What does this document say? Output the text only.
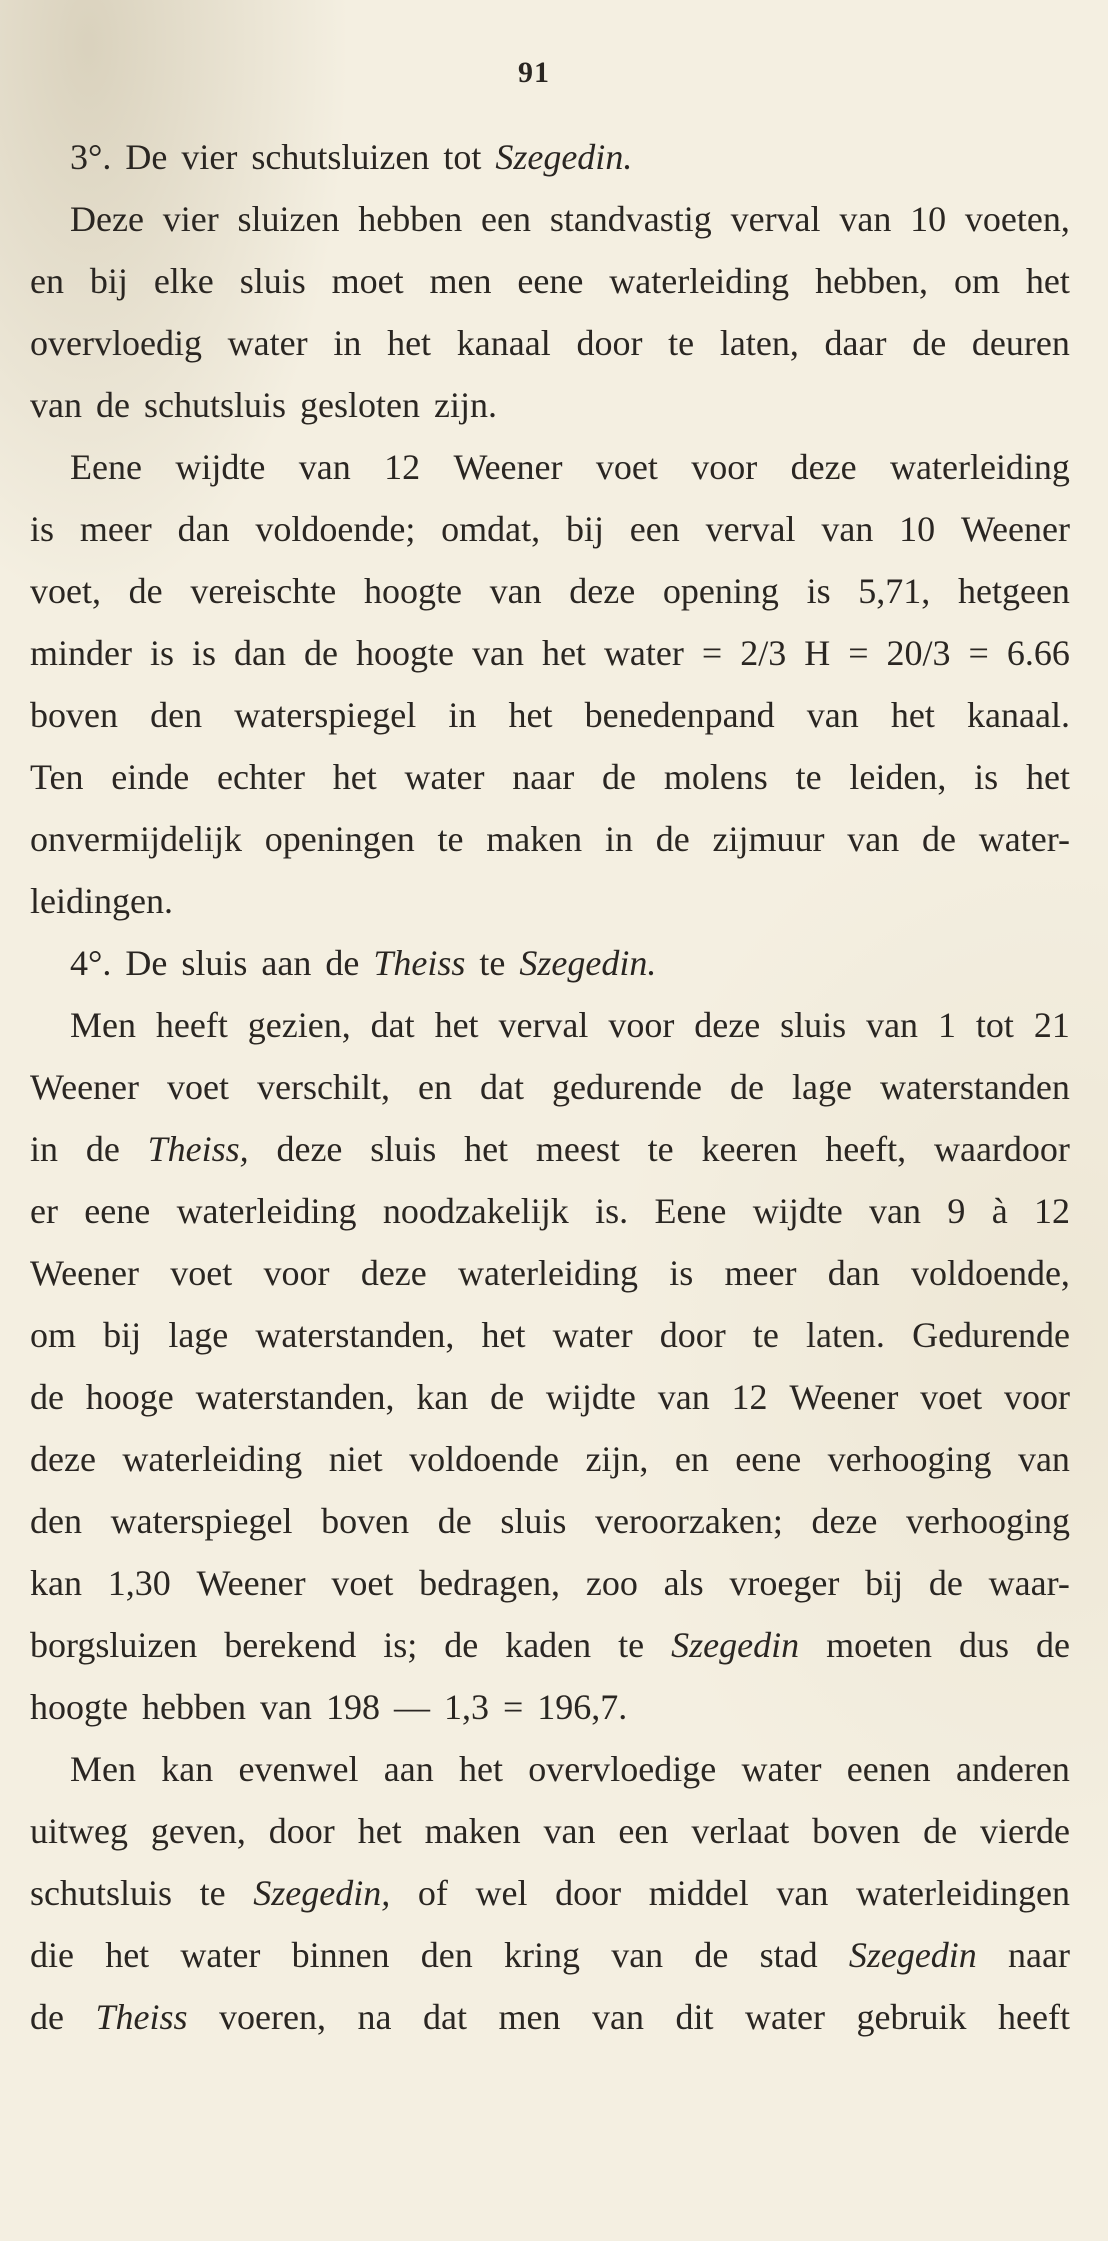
91
3°. De vier schutsluizen tot Szegedin.
Deze vier sluizen hebben een standvastig verval van 10 voeten,
en bij elke sluis moet men eene waterleiding hebben, om het
overvloedig water in het kanaal door te laten, daar de deuren
van de schutsluis gesloten zijn.
Eene wijdte van 12 Weener voet voor deze waterleiding
is meer dan voldoende; omdat, bij een verval van 10 Weener
voet, de vereischte hoogte van deze opening is 5,71, hetgeen
minder is is dan de hoogte van het water = 2/3 H = 20/3 = 6.66
boven den waterspiegel in het benedenpand van het kanaal.
Ten einde echter het water naar de molens te leiden, is het
onvermijdelijk openingen te maken in de zijmuur van de water-
leidingen.
4°. De sluis aan de Theiss te Szegedin.
Men heeft gezien, dat het verval voor deze sluis van 1 tot 21
Weener voet verschilt, en dat gedurende de lage waterstanden
in de Theiss, deze sluis het meest te keeren heeft, waardoor
er eene waterleiding noodzakelijk is. Eene wijdte van 9 à 12
Weener voet voor deze waterleiding is meer dan voldoende,
om bij lage waterstanden, het water door te laten. Gedurende
de hooge waterstanden, kan de wijdte van 12 Weener voet voor
deze waterleiding niet voldoende zijn, en eene verhooging van
den waterspiegel boven de sluis veroorzaken; deze verhooging
kan 1,30 Weener voet bedragen, zoo als vroeger bij de waar-
borgsluizen berekend is; de kaden te Szegedin moeten dus de
hoogte hebben van 198 — 1,3 = 196,7.
Men kan evenwel aan het overvloedige water eenen anderen
uitweg geven, door het maken van een verlaat boven de vierde
schutsluis te Szegedin, of wel door middel van waterleidingen
die het water binnen den kring van de stad Szegedin naar
de Theiss voeren, na dat men van dit water gebruik heeft
